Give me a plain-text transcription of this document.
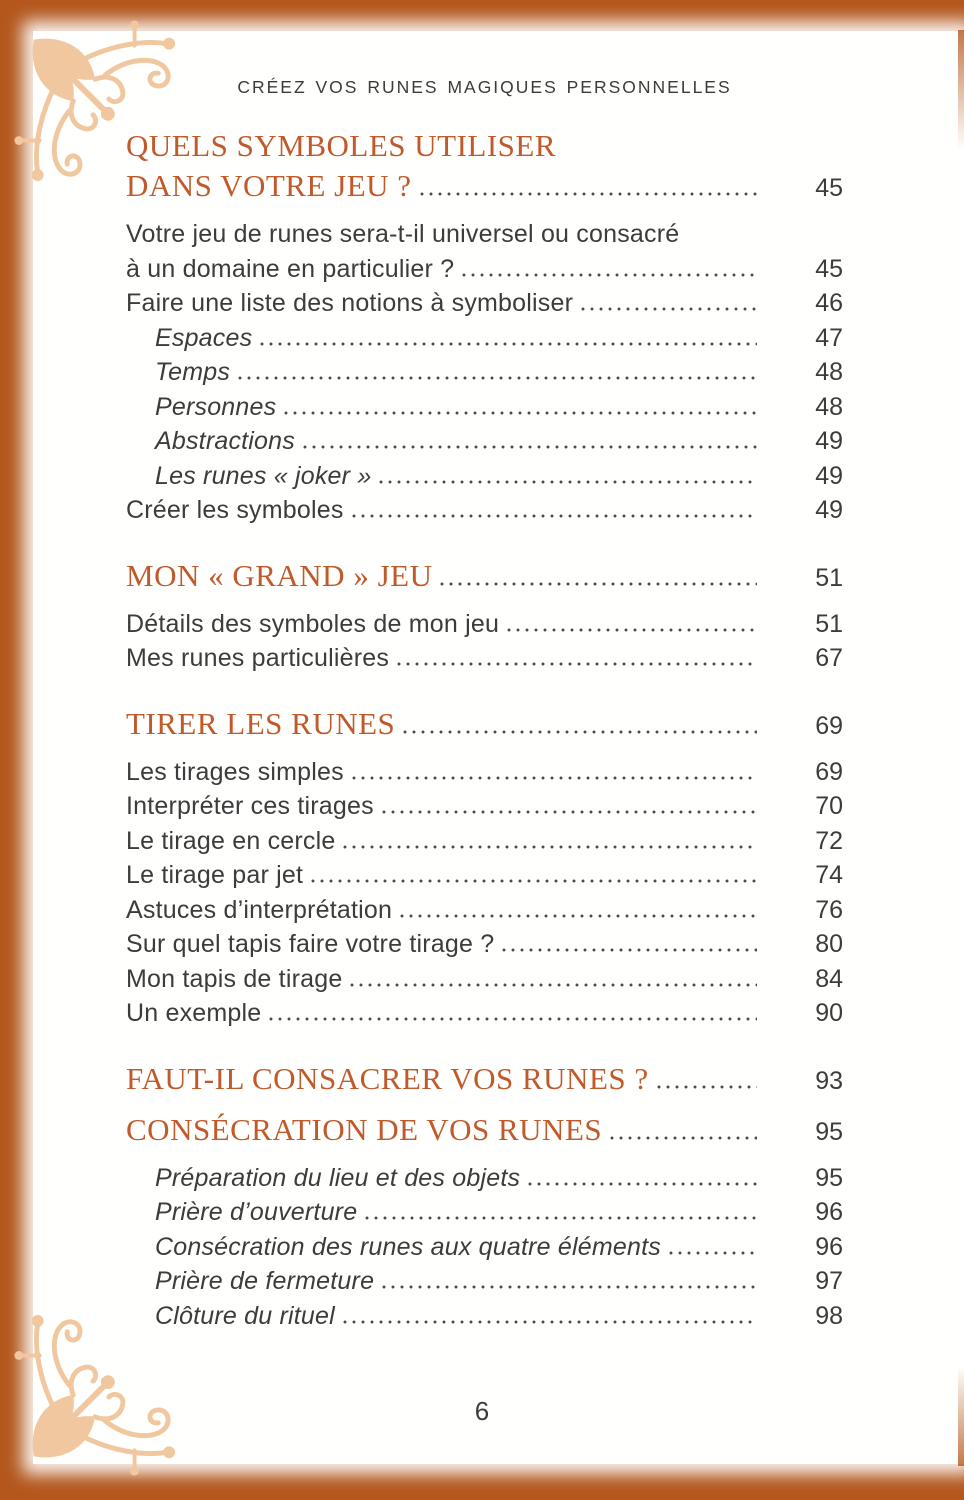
CRÉEZ VOS RUNES MAGIQUES PERSONNELLES
QUELS SYMBOLES UTILISER
DANS VOTRE JEU ?	45
Votre jeu de runes sera-t-il universel ou consacré
à un domaine en particulier ?	45
Faire une liste des notions à symboliser	46
Espaces	47
Temps	48
Personnes	48
Abstractions	49
Les runes « joker »	49
Créer les symboles	49
MON « GRAND » JEU	51
Détails des symboles de mon jeu	51
Mes runes particulières	67
TIRER LES RUNES	69
Les tirages simples	69
Interpréter ces tirages	70
Le tirage en cercle	72
Le tirage par jet	74
Astuces d’interprétation	76
Sur quel tapis faire votre tirage ?	80
Mon tapis de tirage	84
Un exemple	90
FAUT-IL CONSACRER VOS RUNES ?	93
CONSÉCRATION DE VOS RUNES	95
Préparation du lieu et des objets	95
Prière d’ouverture	96
Consécration des runes aux quatre éléments	96
Prière de fermeture	97
Clôture du rituel	98
6
